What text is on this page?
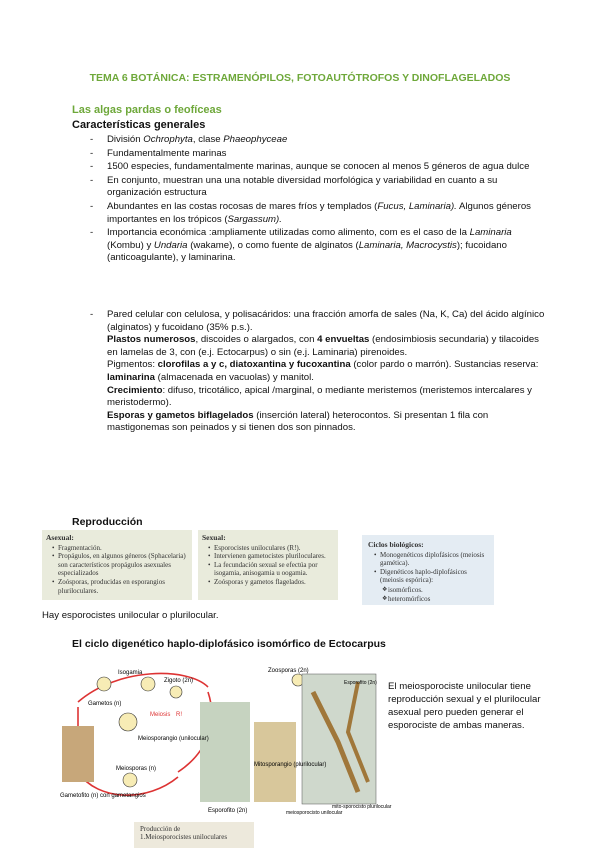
TEMA 6 BOTÁNICA: ESTRAMENÓPILOS, FOTOAUTÓTROFOS Y DINOFLAGELADOS
Las algas pardas o feofíceas
Características generales
- División Ochrophyta, clase Phaeophyceae
- Fundamentalmente marinas
- 1500 especies, fundamentalmente marinas, aunque se conocen al menos 5 géneros de agua dulce
- En conjunto, muestran una una notable diversidad morfológica y variabilidad en cuanto a su organización estructura
- Abundantes en las costas rocosas de mares fríos y templados (Fucus, Laminaria). Algunos géneros importantes en los trópicos (Sargassum).
- Importancia económica :ampliamente utilizadas como alimento, com es el caso de la Laminaria (Kombu) y Undaria (wakame), o como fuente de alginatos (Laminaria, Macrocystis); fucoidano (anticoagulante), y laminarina.
- Pared celular con celulosa, y polisacáridos: una fracción amorfa de sales (Na, K, Ca) del ácido algínico (alginatos) y fucoidano (35% p.s.).
Plastos numerosos, discoides o alargados, con 4 envueltas (endosimbiosis secundaria) y tilacoides en lamelas de 3, con (e.j. Ectocarpus) o sin (e.j. Laminaria) pirenoides.
Pigmentos: clorofilas a y c, diatoxantina y fucoxantina (color pardo o marrón). Sustancias reserva: laminarina (almacenada en vacuolas) y manitol.
Crecimiento: difuso, tricotálico, apical /marginal, o mediante meristemos (meristemos intercalares y meristodermo).
Esporas y gametos biflagelados (inserción lateral) heterocontos. Si presentan 1 fila con mastigonemas son peinados y si tienen dos son pinnados.
Reproducción
Asexual:
• Fragmentación.
• Propágulos, en algunos géneros (Sphacelaria) son característicos propágulos asexuales especializados
• Zoósporas, producidas en esporangios pluriloculares.
Sexual:
• Esporocistes uniloculares (R!).
• Intervienen gametocistes pluriloculares.
• La fecundación sexual se efectúa por isogamia, anisogamia u oogamia.
• Zoósporas y gametos flagelados.
Ciclos biológicos:
• Monogenéticos diplofásicos (meiosis gamética).
• Digenéticos haplo-diplofásicos (meiosis espórica):
❖ isomórficos.
❖ heteromórficos
Hay esporocistes unilocular o plurilocular.
El ciclo digenético haplo-diplofásico isomórfico de Ectocarpus
Isogamia
Zigoto (2n)
Gametos (n)
Zoosporas (2n)
Meiosis R!
Meiosporangio (unilocular)
Meiosporas (n)
Gametofito (n) con gametangios
Mitosporangio (plurilocular)
Esporofito (2n)
Esporofito (2n)
meiosporocisto unilocular
mito-sporocisto plurilocular
El meiosporociste unilocular tiene reproducción sexual y el plurilocular asexual pero pueden generar el esporociste de ambas maneras.
Producción de
1.Meiosporocistes uniloculares
